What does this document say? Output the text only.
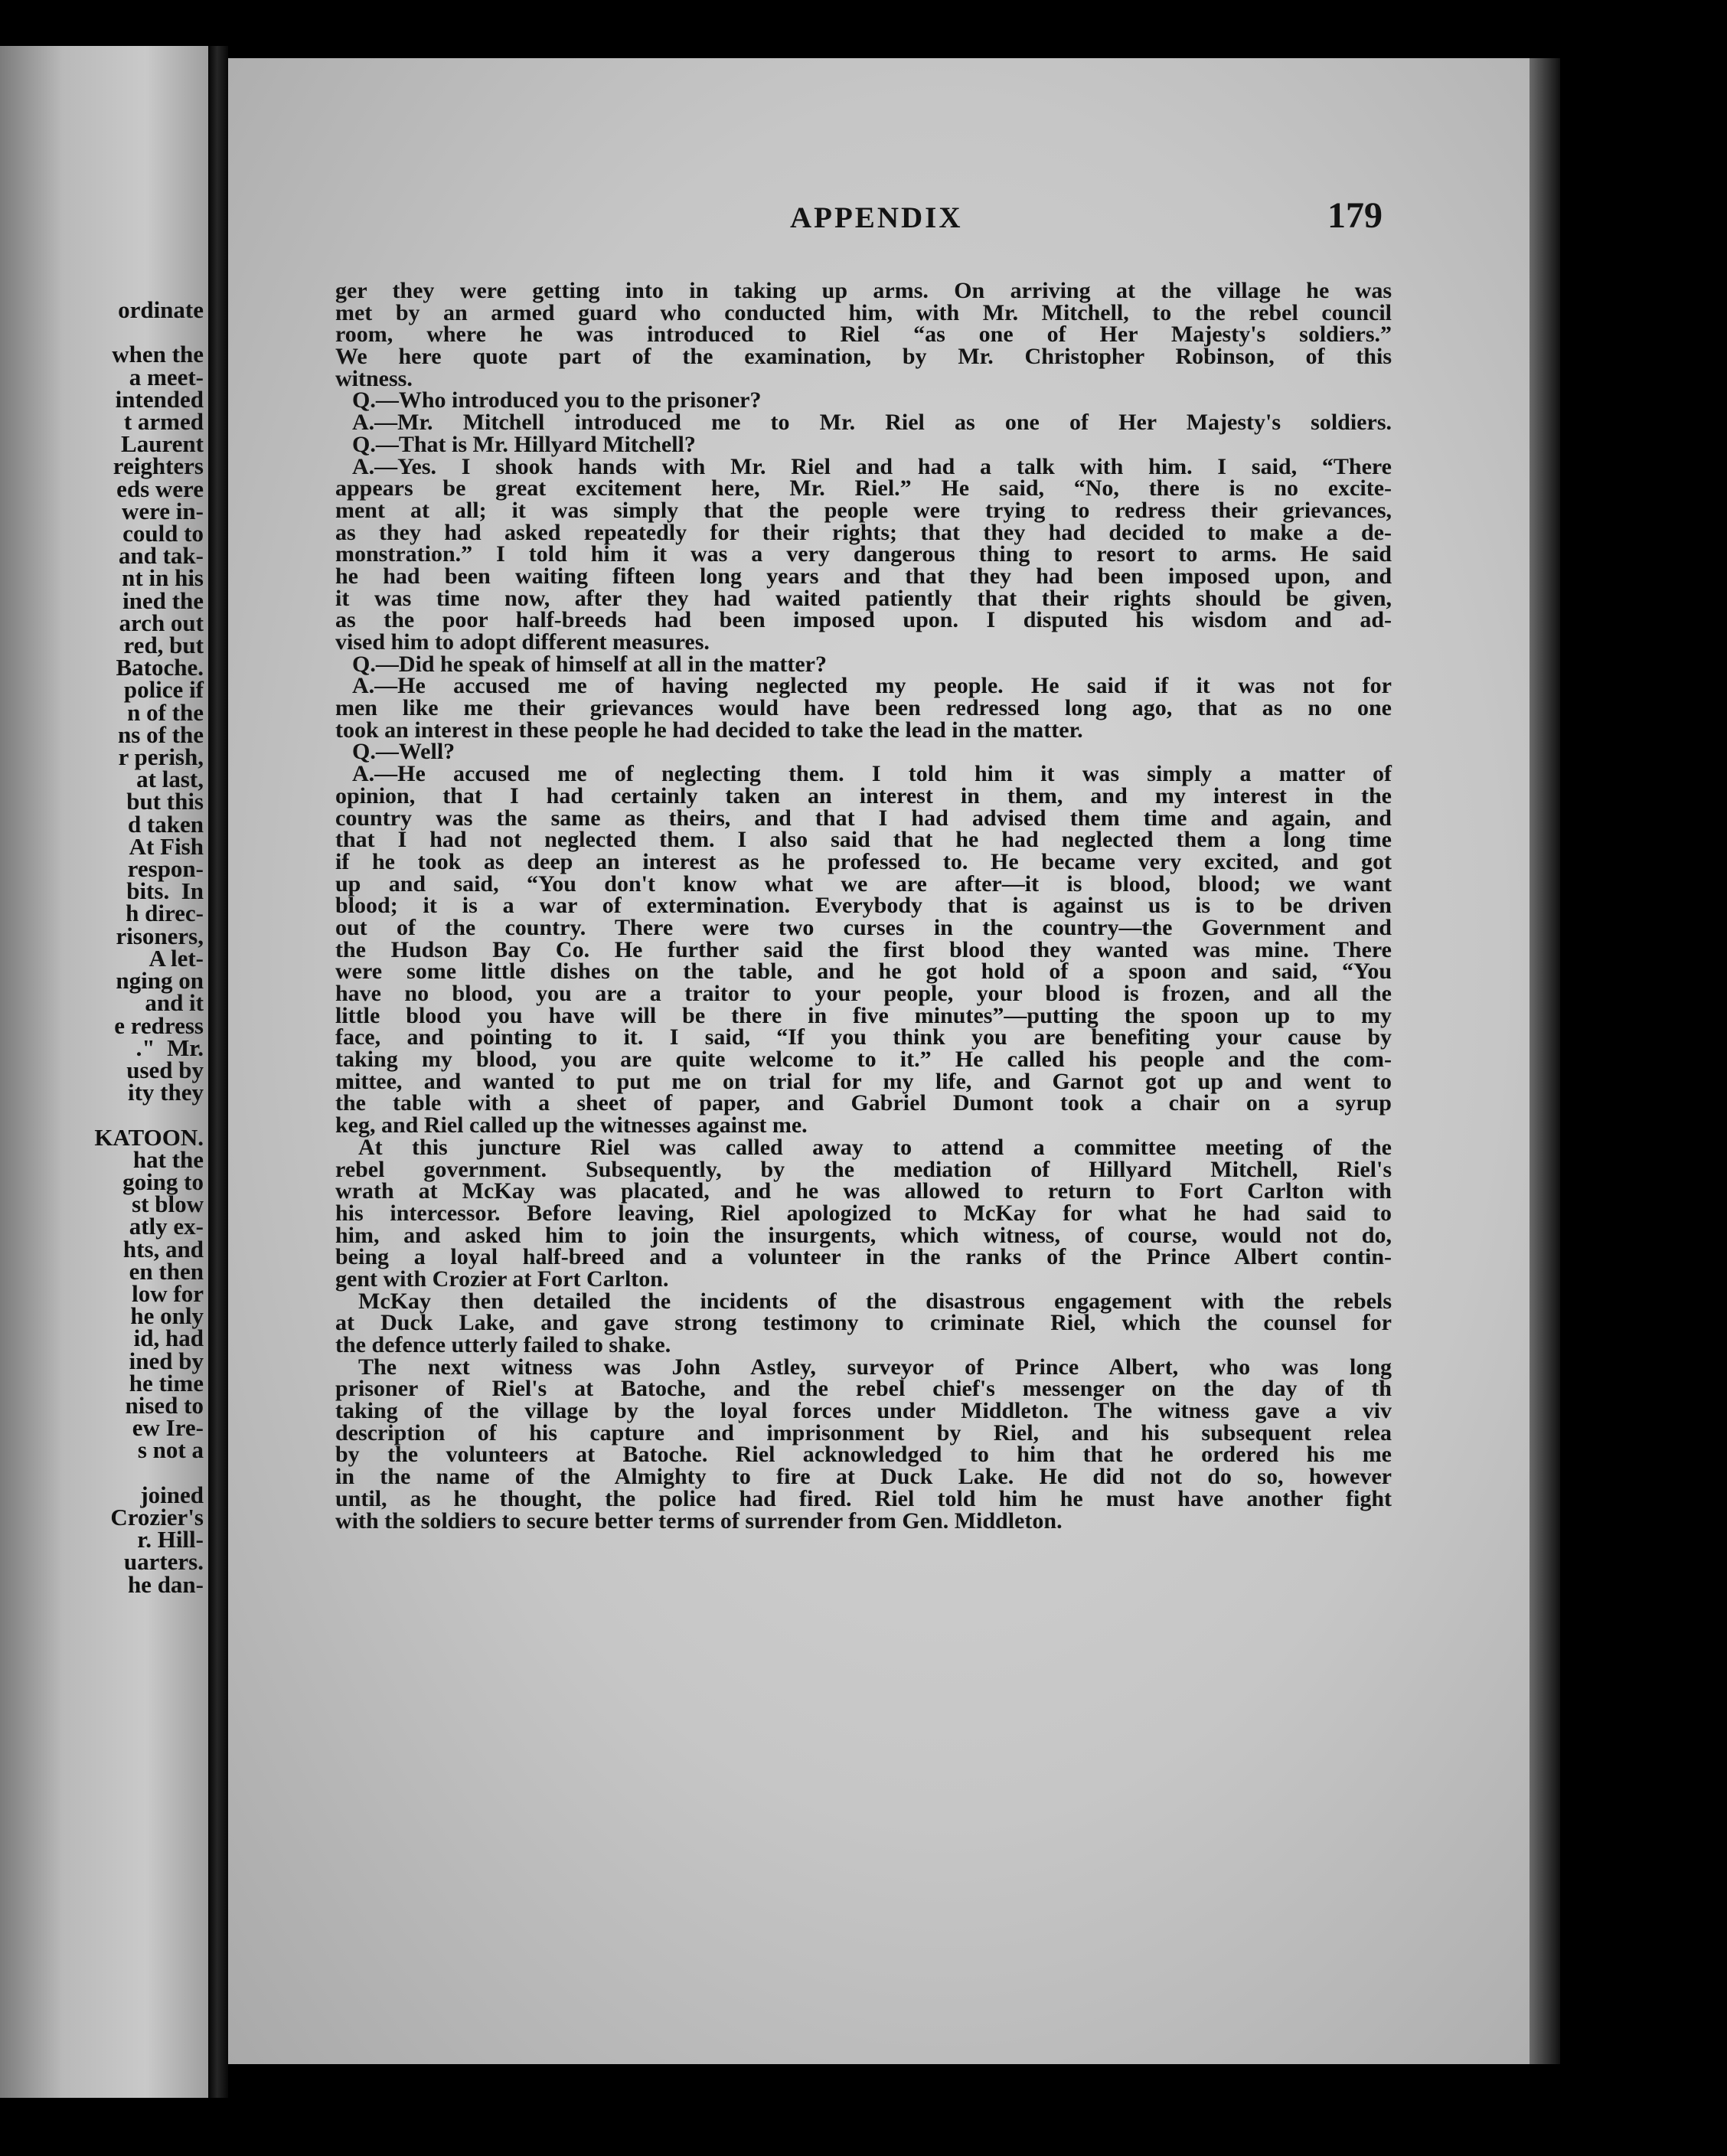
ordinate

when the
a meet-
intended
t armed
Laurent
reighters
eds were
were in-
could to
and tak-
nt in his
ined the
arch out
red, but
Batoche.
police if
n of the
ns of the
r perish,
at last,
but this
d taken
At Fish
respon-
bits.  In
h direc-
risoners,
A let-
nging on
and it
e redress
."  Mr.
used by
ity they

KATOON.
hat the
going to
st blow
atly ex-
hts, and
en then
low for
he only
id, had
ined by
he time
nised to
ew Ire-
s not a

joined
Crozier's
r. Hill-
uarters.
he dan-
APPENDIX	179
ger they were getting into in taking up arms. On arriving at the village he was
met by an armed guard who conducted him, with Mr. Mitchell, to the rebel council
room, where he was introduced to Riel “as one of Her Majesty's soldiers.”
We here quote part of the examination, by Mr. Christopher Robinson, of this
witness.
Q.—Who introduced you to the prisoner?
A.—Mr. Mitchell introduced me to Mr. Riel as one of Her Majesty's soldiers.
Q.—That is Mr. Hillyard Mitchell?
A.—Yes. I shook hands with Mr. Riel and had a talk with him. I said, “There
appears be great excitement here, Mr. Riel.” He said, “No, there is no excite-
ment at all; it was simply that the people were trying to redress their grievances,
as they had asked repeatedly for their rights; that they had decided to make a de-
monstration.” I told him it was a very dangerous thing to resort to arms. He said
he had been waiting fifteen long years and that they had been imposed upon, and
it was time now, after they had waited patiently that their rights should be given,
as the poor half-breeds had been imposed upon. I disputed his wisdom and ad-
vised him to adopt different measures.
Q.—Did he speak of himself at all in the matter?
A.—He accused me of having neglected my people. He said if it was not for
men like me their grievances would have been redressed long ago, that as no one
took an interest in these people he had decided to take the lead in the matter.
Q.—Well?
A.—He accused me of neglecting them. I told him it was simply a matter of
opinion, that I had certainly taken an interest in them, and my interest in the
country was the same as theirs, and that I had advised them time and again, and
that I had not neglected them. I also said that he had neglected them a long time
if he took as deep an interest as he professed to. He became very excited, and got
up and said, “You don't know what we are after—it is blood, blood; we want
blood; it is a war of extermination. Everybody that is against us is to be driven
out of the country. There were two curses in the country—the Government and
the Hudson Bay Co. He further said the first blood they wanted was mine. There
were some little dishes on the table, and he got hold of a spoon and said, “You
have no blood, you are a traitor to your people, your blood is frozen, and all the
little blood you have will be there in five minutes”—putting the spoon up to my
face, and pointing to it. I said, “If you think you are benefiting your cause by
taking my blood, you are quite welcome to it.” He called his people and the com-
mittee, and wanted to put me on trial for my life, and Garnot got up and went to
the table with a sheet of paper, and Gabriel Dumont took a chair on a syrup
keg, and Riel called up the witnesses against me.
At this juncture Riel was called away to attend a committee meeting of the
rebel government. Subsequently, by the mediation of Hillyard Mitchell, Riel's
wrath at McKay was placated, and he was allowed to return to Fort Carlton with
his intercessor. Before leaving, Riel apologized to McKay for what he had said to
him, and asked him to join the insurgents, which witness, of course, would not do,
being a loyal half-breed and a volunteer in the ranks of the Prince Albert contin-
gent with Crozier at Fort Carlton.
McKay then detailed the incidents of the disastrous engagement with the rebels
at Duck Lake, and gave strong testimony to criminate Riel, which the counsel for
the defence utterly failed to shake.
The next witness was John Astley, surveyor of Prince Albert, who was long
prisoner of Riel's at Batoche, and the rebel chief's messenger on the day of th
taking of the village by the loyal forces under Middleton. The witness gave a viv
description of his capture and imprisonment by Riel, and his subsequent relea
by the volunteers at Batoche. Riel acknowledged to him that he ordered his me
in the name of the Almighty to fire at Duck Lake. He did not do so, however
until, as he thought, the police had fired. Riel told him he must have another fight
with the soldiers to secure better terms of surrender from Gen. Middleton.
